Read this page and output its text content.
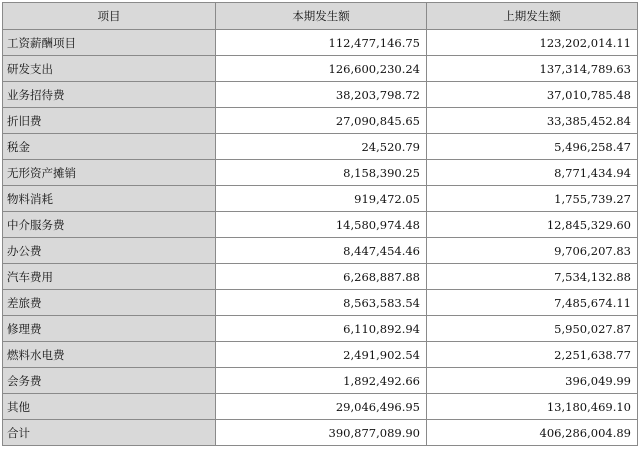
项目	本期发生额	上期发生额
工资薪酬项目	112,477,146.75	123,202,014.11
研发支出	126,600,230.24	137,314,789.63
业务招待费	38,203,798.72	37,010,785.48
折旧费	27,090,845.65	33,385,452.84
税金	24,520.79	5,496,258.47
无形资产摊销	8,158,390.25	8,771,434.94
物料消耗	919,472.05	1,755,739.27
中介服务费	14,580,974.48	12,845,329.60
办公费	8,447,454.46	9,706,207.83
汽车费用	6,268,887.88	7,534,132.88
差旅费	8,563,583.54	7,485,674.11
修理费	6,110,892.94	5,950,027.87
燃料水电费	2,491,902.54	2,251,638.77
会务费	1,892,492.66	396,049.99
其他	29,046,496.95	13,180,469.10
合计	390,877,089.90	406,286,004.89
